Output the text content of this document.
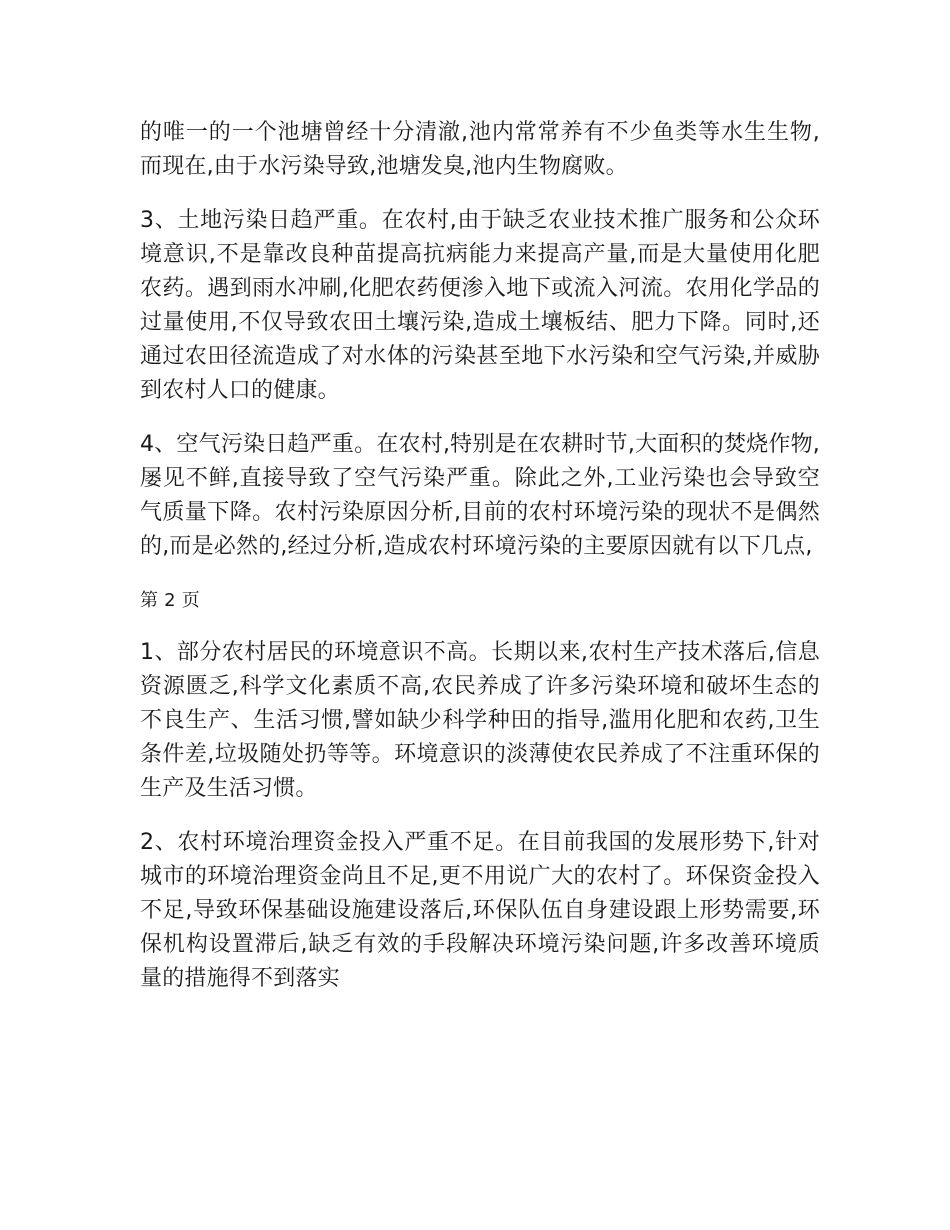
的唯一的一个池塘曾经十分清澈,池内常常养有不少鱼类等水生生物,而现在,由于水污染导致,池塘发臭,池内生物腐败。

3、土地污染日趋严重。在农村,由于缺乏农业技术推广服务和公众环境意识,不是靠改良种苗提高抗病能力来提高产量,而是大量使用化肥农药。遇到雨水冲刷,化肥农药便渗入地下或流入河流。农用化学品的过量使用,不仅导致农田土壤污染,造成土壤板结、肥力下降。同时,还通过农田径流造成了对水体的污染甚至地下水污染和空气污染,并威胁到农村人口的健康。

4、空气污染日趋严重。在农村,特别是在农耕时节,大面积的焚烧作物,屡见不鲜,直接导致了空气污染严重。除此之外,工业污染也会导致空气质量下降。农村污染原因分析,目前的农村环境污染的现状不是偶然的,而是必然的,经过分析,造成农村环境污染的主要原因就有以下几点,

第 2 页

1、部分农村居民的环境意识不高。长期以来,农村生产技术落后,信息资源匮乏,科学文化素质不高,农民养成了许多污染环境和破坏生态的不良生产、生活习惯,譬如缺少科学种田的指导,滥用化肥和农药,卫生条件差,垃圾随处扔等等。环境意识的淡薄使农民养成了不注重环保的生产及生活习惯。

2、农村环境治理资金投入严重不足。在目前我国的发展形势下,针对城市的环境治理资金尚且不足,更不用说广大的农村了。环保资金投入不足,导致环保基础设施建设落后,环保队伍自身建设跟上形势需要,环保机构设置滞后,缺乏有效的手段解决环境污染问题,许多改善环境质量的措施得不到落实
